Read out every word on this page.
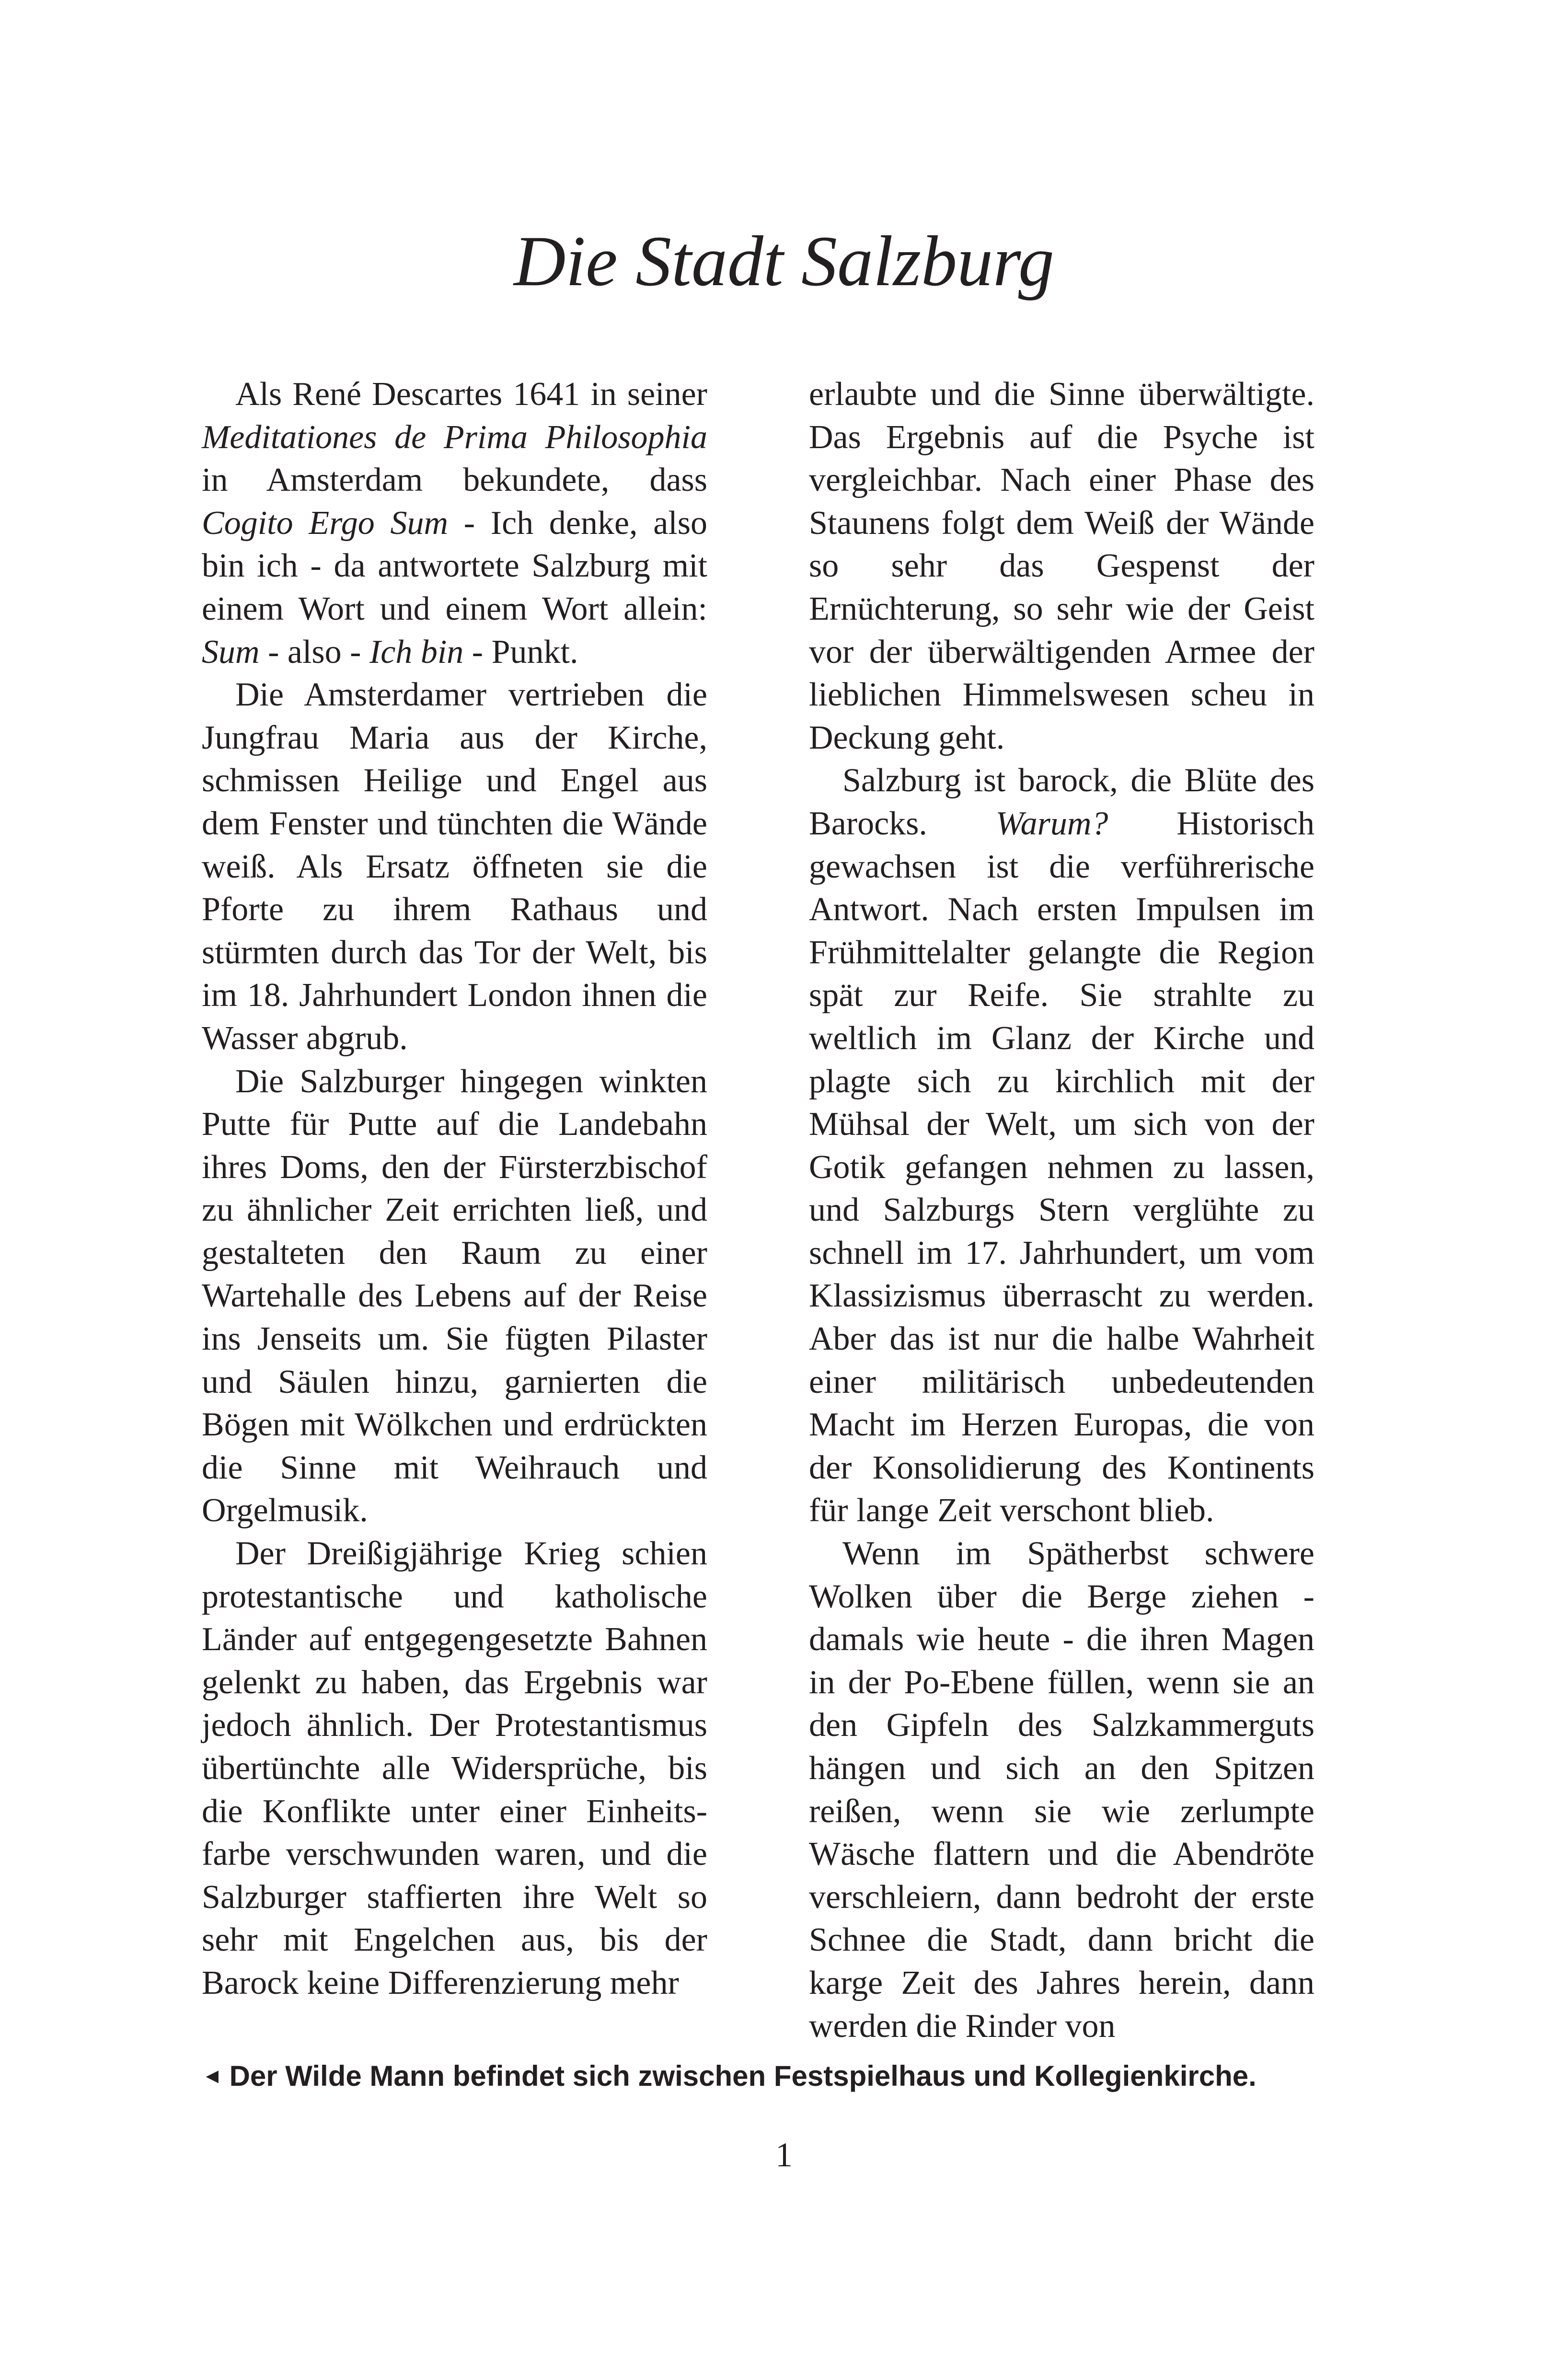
Die Stadt Salzburg

Als René Descartes 1641 in seiner Meditationes de Prima Philosophia in Amsterdam bekundete, dass Cogito Ergo Sum - Ich denke, also bin ich - da antwortete Salzburg mit einem Wort und einem Wort allein: Sum - also - Ich bin - Punkt.

Die Amsterdamer vertrieben die Jungfrau Maria aus der Kirche, schmissen Heilige und Engel aus dem Fenster und tünchten die Wände weiß. Als Ersatz öffneten sie die Pforte zu ihrem Rathaus und stürmten durch das Tor der Welt, bis im 18. Jahrhundert London ihnen die Wasser abgrub.

Die Salzburger hingegen winkten Putte für Putte auf die Landebahn ihres Doms, den der Fürsterzbischof zu ähnlicher Zeit errichten ließ, und gestalteten den Raum zu einer Wartehalle des Lebens auf der Reise ins Jenseits um. Sie fügten Pilaster und Säulen hinzu, garnierten die Bögen mit Wölkchen und erdrückten die Sinne mit Weihrauch und Orgelmusik.

Der Dreißigjährige Krieg schien protestantische und katholische Länder auf entgegengesetzte Bahnen gelenkt zu haben, das Ergebnis war jedoch ähnlich. Der Protestantismus übertünchte alle Widersprüche, bis die Konflikte unter einer Einheitsfarbe verschwunden waren, und die Salzburger staffierten ihre Welt so sehr mit Engelchen aus, bis der Barock keine Differenzierung mehr

erlaubte und die Sinne überwältigte. Das Ergebnis auf die Psyche ist vergleichbar. Nach einer Phase des Staunens folgt dem Weiß der Wände so sehr das Gespenst der Ernüchterung, so sehr wie der Geist vor der überwältigenden Armee der lieblichen Himmelswesen scheu in Deckung geht.

Salzburg ist barock, die Blüte des Barocks. Warum? Historisch gewachsen ist die verführerische Antwort. Nach ersten Impulsen im Frühmittelalter gelangte die Region spät zur Reife. Sie strahlte zu weltlich im Glanz der Kirche und plagte sich zu kirchlich mit der Mühsal der Welt, um sich von der Gotik gefangen nehmen zu lassen, und Salzburgs Stern verglühte zu schnell im 17. Jahrhundert, um vom Klassizismus überrascht zu werden. Aber das ist nur die halbe Wahrheit einer militärisch unbedeutenden Macht im Herzen Europas, die von der Konsolidierung des Kontinents für lange Zeit verschont blieb.

Wenn im Spätherbst schwere Wolken über die Berge ziehen - damals wie heute - die ihren Magen in der Po-Ebene füllen, wenn sie an den Gipfeln des Salzkammerguts hängen und sich an den Spitzen reißen, wenn sie wie zerlumpte Wäsche flattern und die Abendröte verschleiern, dann bedroht der erste Schnee die Stadt, dann bricht die karge Zeit des Jahres herein, dann werden die Rinder von

◄ Der Wilde Mann befindet sich zwischen Festspielhaus und Kollegienkirche.
1
